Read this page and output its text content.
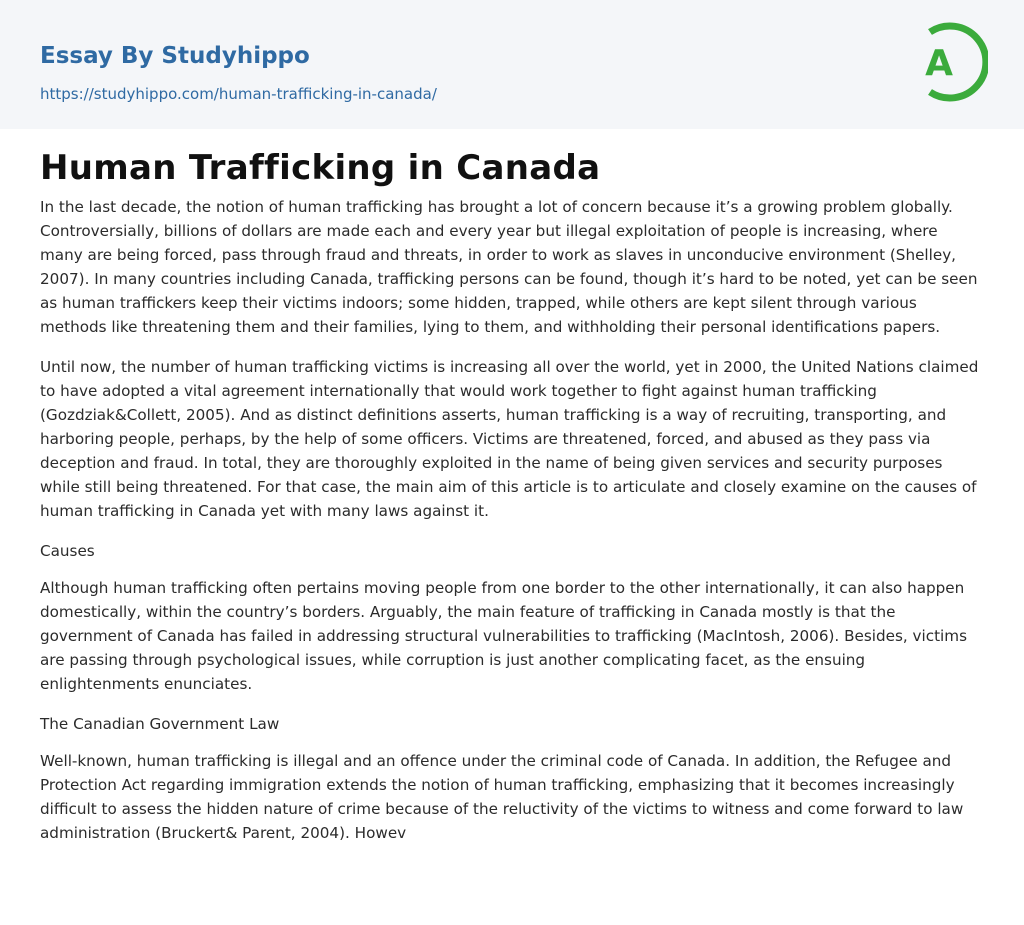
Essay By Studyhippo
https://studyhippo.com/human-trafficking-in-canada/
A
Human Trafficking in Canada

In the last decade, the notion of human trafficking has brought a lot of concern because it’s a growing problem globally. Controversially, billions of dollars are made each and every year but illegal exploitation of people is increasing, where many are being forced, pass through fraud and threats, in order to work as slaves in unconducive environment (Shelley, 2007). In many countries including Canada, trafficking persons can be found, though it’s hard to be noted, yet can be seen as human traffickers keep their victims indoors; some hidden, trapped, while others are kept silent through various methods like threatening them and their families, lying to them, and withholding their personal identifications papers.

Until now, the number of human trafficking victims is increasing all over the world, yet in 2000, the United Nations claimed to have adopted a vital agreement internationally that would work together to fight against human trafficking (Gozdziak&Collett, 2005). And as distinct definitions asserts, human trafficking is a way of recruiting, transporting, and harboring people, perhaps, by the help of some officers. Victims are threatened, forced, and abused as they pass via deception and fraud. In total, they are thoroughly exploited in the name of being given services and security purposes while still being threatened. For that case, the main aim of this article is to articulate and closely examine on the causes of human trafficking in Canada yet with many laws against it.

Causes

Although human trafficking often pertains moving people from one border to the other internationally, it can also happen domestically, within the country’s borders. Arguably, the main feature of trafficking in Canada mostly is that the government of Canada has failed in addressing structural vulnerabilities to trafficking (MacIntosh, 2006). Besides, victims are passing through psychological issues, while corruption is just another complicating facet, as the ensuing enlightenments enunciates.

The Canadian Government Law

Well-known, human trafficking is illegal and an offence under the criminal code of Canada. In addition, the Refugee and Protection Act regarding immigration extends the notion of human trafficking, emphasizing that it becomes increasingly difficult to assess the hidden nature of crime because of the reluctivity of the victims to witness and come forward to law administration (Bruckert& Parent, 2004). Howev
